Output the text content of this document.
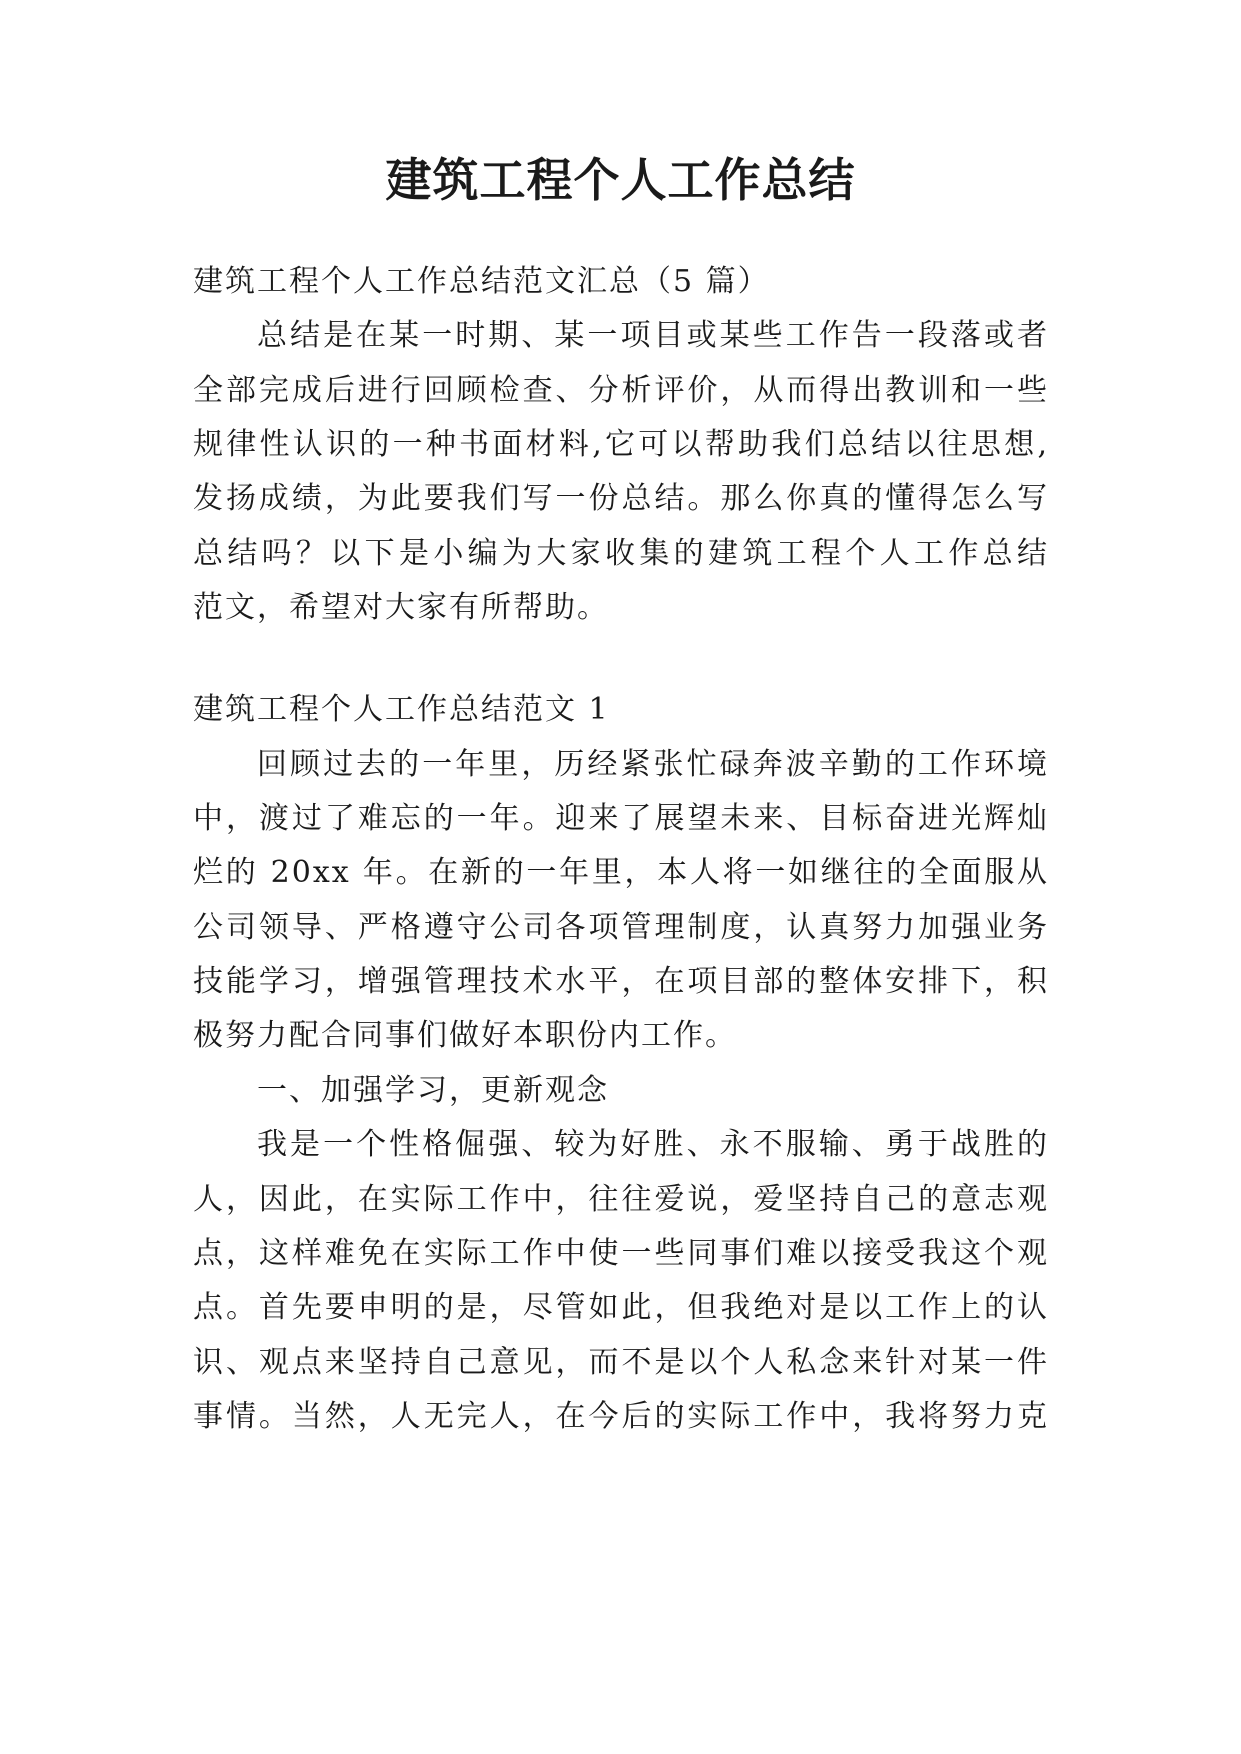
建筑工程个人工作总结
建筑工程个人工作总结范文汇总（5 篇）
总结是在某一时期、某一项目或某些工作告一段落或者
全部完成后进行回顾检查、分析评价，从而得出教训和一些
规律性认识的一种书面材料,它可以帮助我们总结以往思想,
发扬成绩，为此要我们写一份总结。那么你真的懂得怎么写
总结吗？以下是小编为大家收集的建筑工程个人工作总结
范文，希望对大家有所帮助。
建筑工程个人工作总结范文 1
回顾过去的一年里，历经紧张忙碌奔波辛勤的工作环境
中，渡过了难忘的一年。迎来了展望未来、目标奋进光辉灿
烂的 20xx 年。在新的一年里，本人将一如继往的全面服从
公司领导、严格遵守公司各项管理制度，认真努力加强业务
技能学习，增强管理技术水平，在项目部的整体安排下，积
极努力配合同事们做好本职份内工作。
一、加强学习，更新观念
我是一个性格倔强、较为好胜、永不服输、勇于战胜的
人，因此，在实际工作中，往往爱说，爱坚持自己的意志观
点，这样难免在实际工作中使一些同事们难以接受我这个观
点。首先要申明的是，尽管如此，但我绝对是以工作上的认
识、观点来坚持自己意见，而不是以个人私念来针对某一件
事情。当然，人无完人，在今后的实际工作中，我将努力克
